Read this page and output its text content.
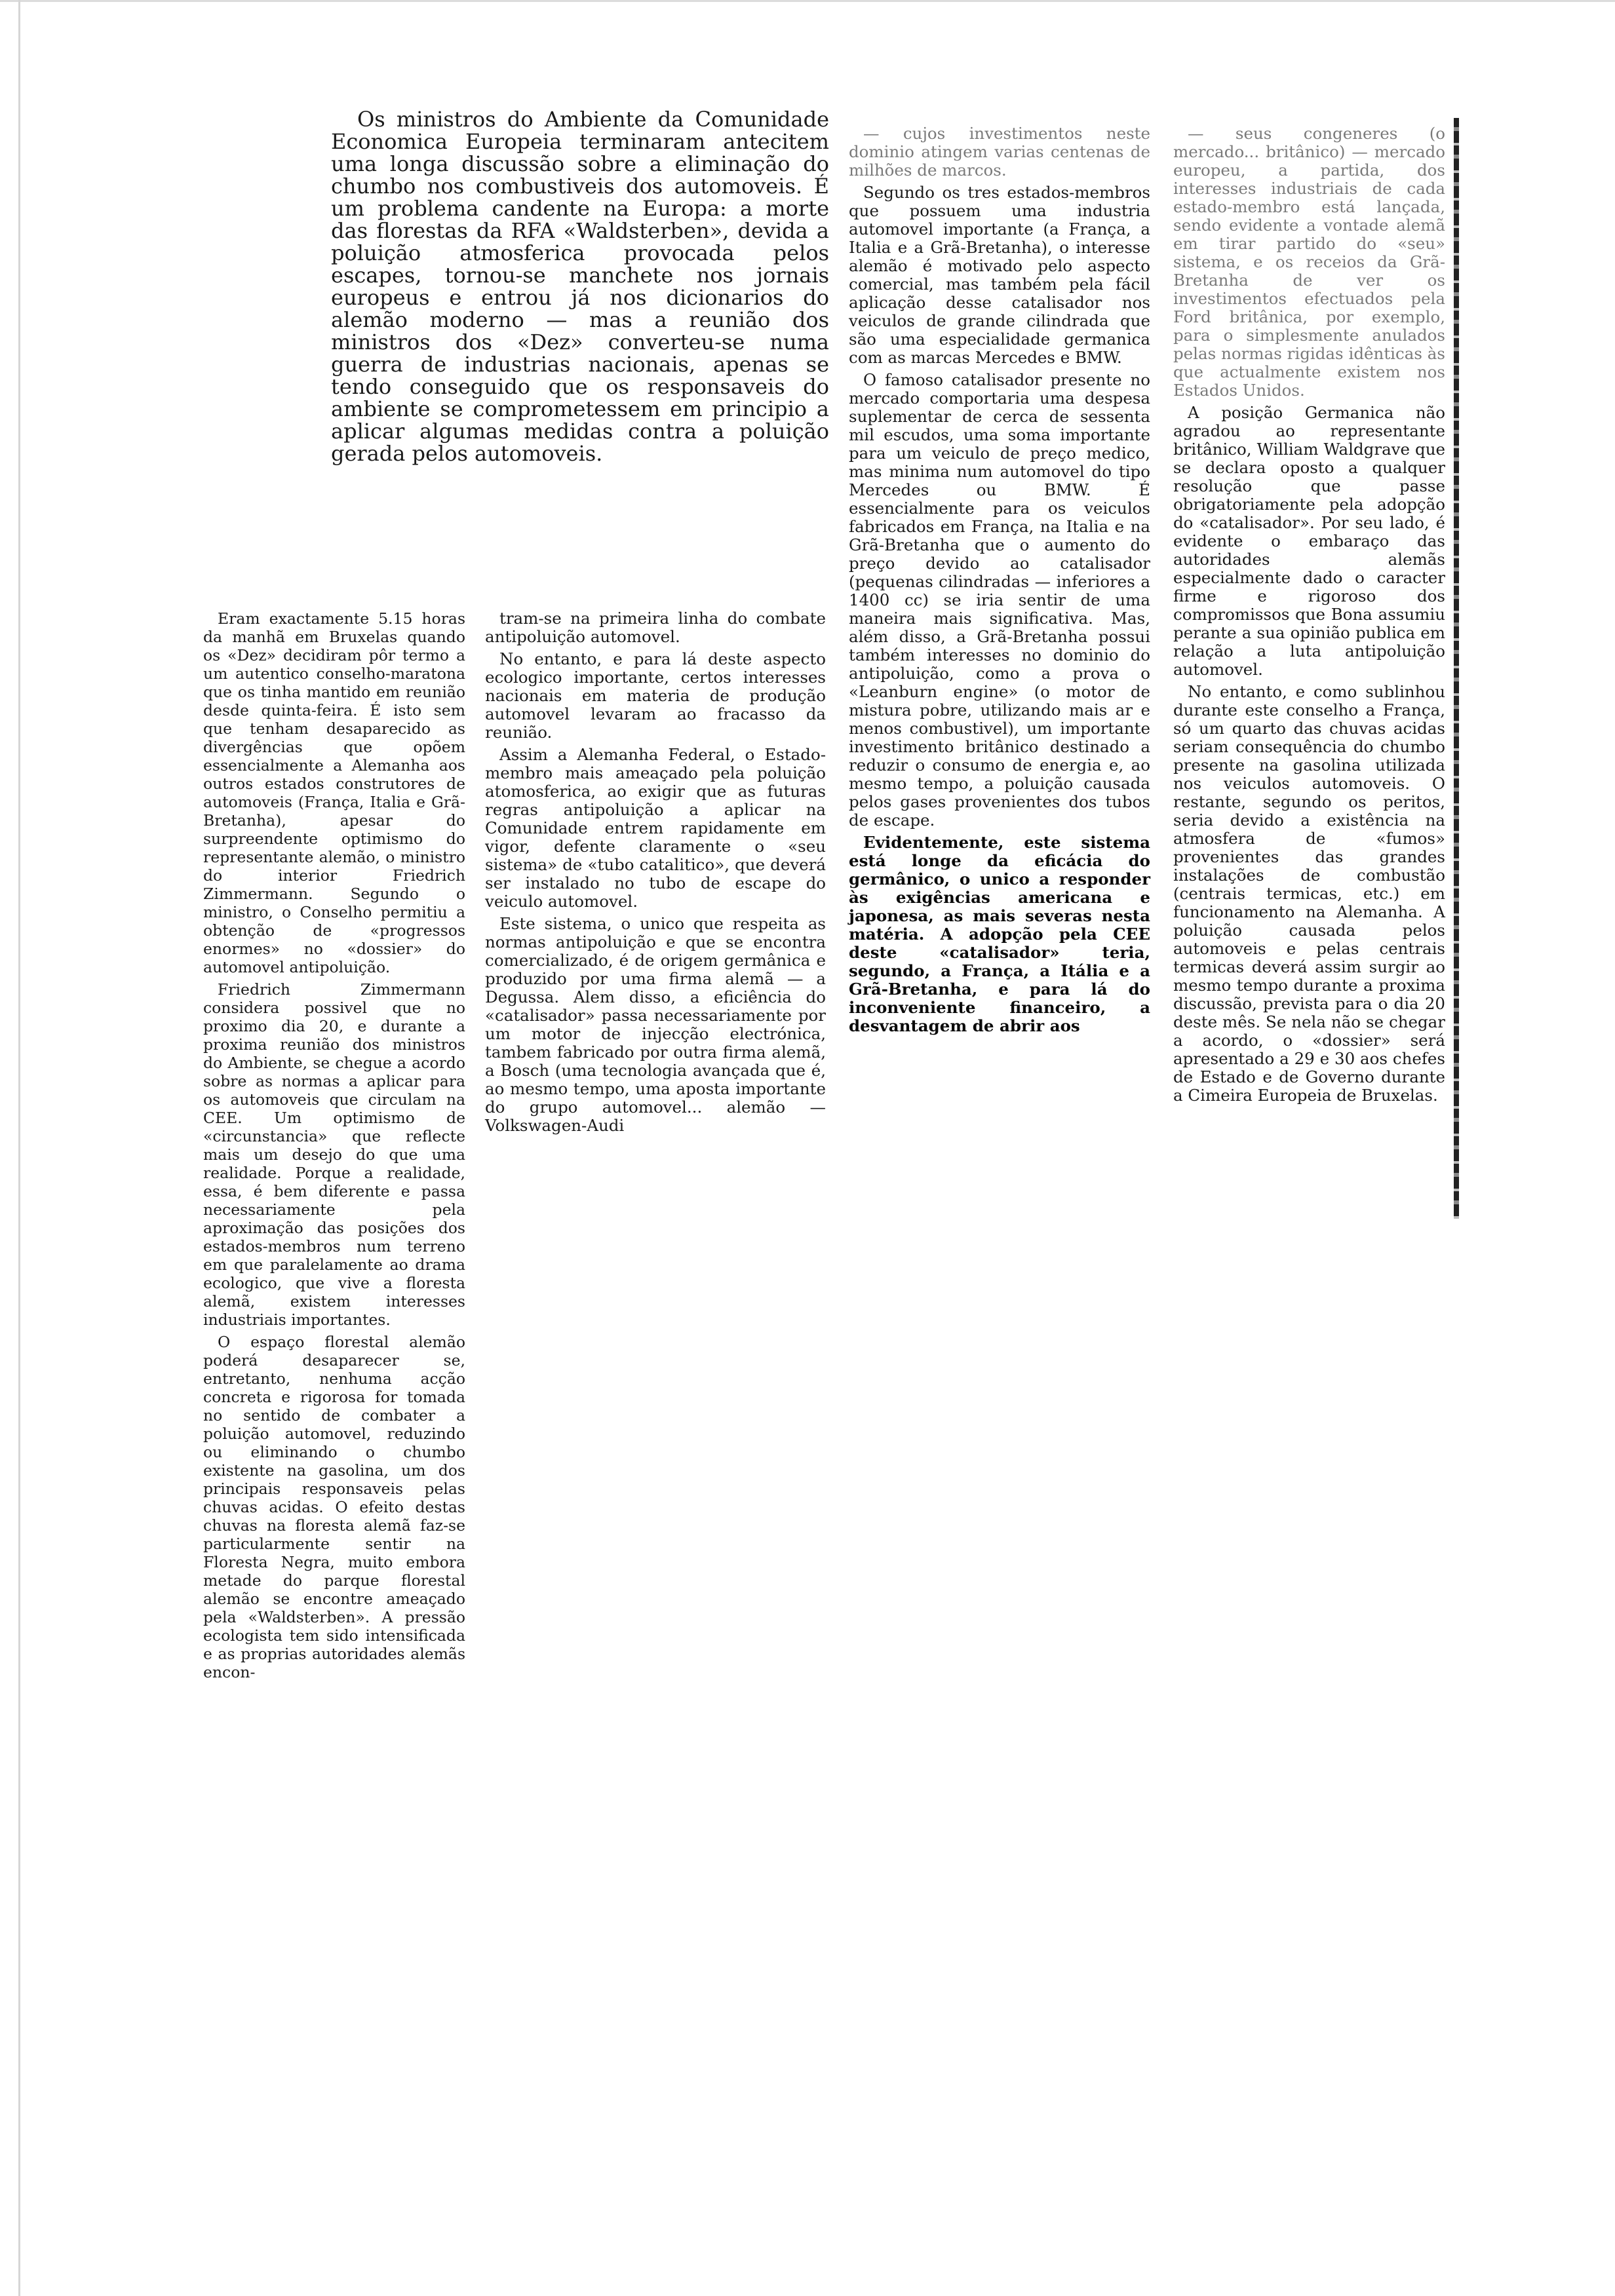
Os ministros do Ambiente da Comunidade Economica Europeia terminaram antecitem uma longa discussão sobre a eliminação do chumbo nos combustiveis dos automoveis. É um problema candente na Europa: a morte das florestas da RFA «Waldsterben», devida a poluição atmosferica provocada pelos escapes, tornou-se manchete nos jornais europeus e entrou já nos dicionarios do alemão moderno — mas a reunião dos ministros dos «Dez» converteu-se numa guerra de industrias nacionais, apenas se tendo conseguido que os responsaveis do ambiente se comprometessem em principio a aplicar algumas medidas contra a poluição gerada pelos automoveis.

Eram exactamente 5.15 horas da manhã em Bruxelas quando os «Dez» decidiram pôr termo a um autentico conselho-maratona que os tinha mantido em reunião desde quinta-feira. É isto sem que tenham desaparecido as divergências que opõem essencialmente a Alemanha aos outros estados construtores de automoveis (França, Italia e Grã-Bretanha), apesar do surpreendente optimismo do representante alemão, o ministro do interior Friedrich Zimmermann. Segundo o ministro, o Conselho permitiu a obtenção de «progressos enormes» no «dossier» do automovel antipoluição.

Friedrich Zimmermann considera possivel que no proximo dia 20, e durante a proxima reunião dos ministros do Ambiente, se chegue a acordo sobre as normas a aplicar para os automoveis que circulam na CEE. Um optimismo de «circunstancia» que reflecte mais um desejo do que uma realidade. Porque a realidade, essa, é bem diferente e passa necessariamente pela aproximação das posições dos estados-membros num terreno em que paralelamente ao drama ecologico, que vive a floresta alemã, existem interesses industriais importantes.

O espaço florestal alemão poderá desaparecer se, entretanto, nenhuma acção concreta e rigorosa for tomada no sentido de combater a poluição automovel, reduzindo ou eliminando o chumbo existente na gasolina, um dos principais responsaveis pelas chuvas acidas. O efeito destas chuvas na floresta alemã faz-se particularmente sentir na Floresta Negra, muito embora metade do parque florestal alemão se encontre ameaçado pela «Waldsterben». A pressão ecologista tem sido intensificada e as proprias autoridades alemãs encon-

tram-se na primeira linha do combate antipoluição automovel.

No entanto, e para lá deste aspecto ecologico importante, certos interesses nacionais em materia de produção automovel levaram ao fracasso da reunião.

Assim a Alemanha Federal, o Estado-membro mais ameaçado pela poluição atomosferica, ao exigir que as futuras regras antipoluição a aplicar na Comunidade entrem rapidamente em vigor, defente claramente o «seu sistema» de «tubo catalitico», que deverá ser instalado no tubo de escape do veiculo automovel.

Este sistema, o unico que respeita as normas antipoluição e que se encontra comercializado, é de origem germânica e produzido por uma firma alemã — a Degussa. Alem disso, a eficiência do «catalisador» passa necessariamente por um motor de injecção electrónica, tambem fabricado por outra firma alemã, a Bosch (uma tecnologia avançada que é, ao mesmo tempo, uma aposta importante do grupo automovel... alemão — Volkswagen-Audi

— cujos investimentos neste dominio atingem varias centenas de milhões de marcos.

Segundo os tres estados-membros que possuem uma industria automovel importante (a França, a Italia e a Grã-Bretanha), o interesse alemão é motivado pelo aspecto comercial, mas também pela fácil aplicação desse catalisador nos veiculos de grande cilindrada que são uma especialidade germanica com as marcas Mercedes e BMW.

O famoso catalisador presente no mercado comportaria uma despesa suplementar de cerca de sessenta mil escudos, uma soma importante para um veiculo de preço medico, mas minima num automovel do tipo Mercedes ou BMW. É essencialmente para os veiculos fabricados em França, na Italia e na Grã-Bretanha que o aumento do preço devido ao catalisador (pequenas cilindradas — inferiores a 1400 cc) se iria sentir de uma maneira mais significativa. Mas, além disso, a Grã-Bretanha possui também interesses no dominio do antipoluição, como a prova o «Leanburn engine» (o motor de mistura pobre, utilizando mais ar e menos combustivel), um importante investimento britânico destinado a reduzir o consumo de energia e, ao mesmo tempo, a poluição causada pelos gases provenientes dos tubos de escape.

Evidentemente, este sistema está longe da eficácia do germânico, o unico a responder às exigências americana e japonesa, as mais severas nesta matéria. A adopção pela CEE deste «catalisador» teria, segundo, a França, a Itália e a Grã-Bretanha, e para lá do inconveniente financeiro, a desvantagem de abrir aos

— seus congeneres (o mercado... britânico) — mercado europeu, a partida, dos interesses industriais de cada estado-membro está lançada, sendo evidente a vontade alemã em tirar partido do «seu» sistema, e os receios da Grã-Bretanha de ver os investimentos efectuados pela Ford britânica, por exemplo, para o simplesmente anulados pelas normas rigidas idênticas às que actualmente existem nos Estados Unidos.

A posição Germanica não agradou ao representante britânico, William Waldgrave que se declara oposto a qualquer resolução que passe obrigatoriamente pela adopção do «catalisador». Por seu lado, é evidente o embaraço das autoridades alemãs especialmente dado o caracter firme e rigoroso dos compromissos que Bona assumiu perante a sua opinião publica em relação a luta antipoluição automovel.

No entanto, e como sublinhou durante este conselho a França, só um quarto das chuvas acidas seriam consequência do chumbo presente na gasolina utilizada nos veiculos automoveis. O restante, segundo os peritos, seria devido a existência na atmosfera de «fumos» provenientes das grandes instalações de combustão (centrais termicas, etc.) em funcionamento na Alemanha. A poluição causada pelos automoveis e pelas centrais termicas deverá assim surgir ao mesmo tempo durante a proxima discussão, prevista para o dia 20 deste mês. Se nela não se chegar a acordo, o «dossier» será apresentado a 29 e 30 aos chefes de Estado e de Governo durante a Cimeira Europeia de Bruxelas.
